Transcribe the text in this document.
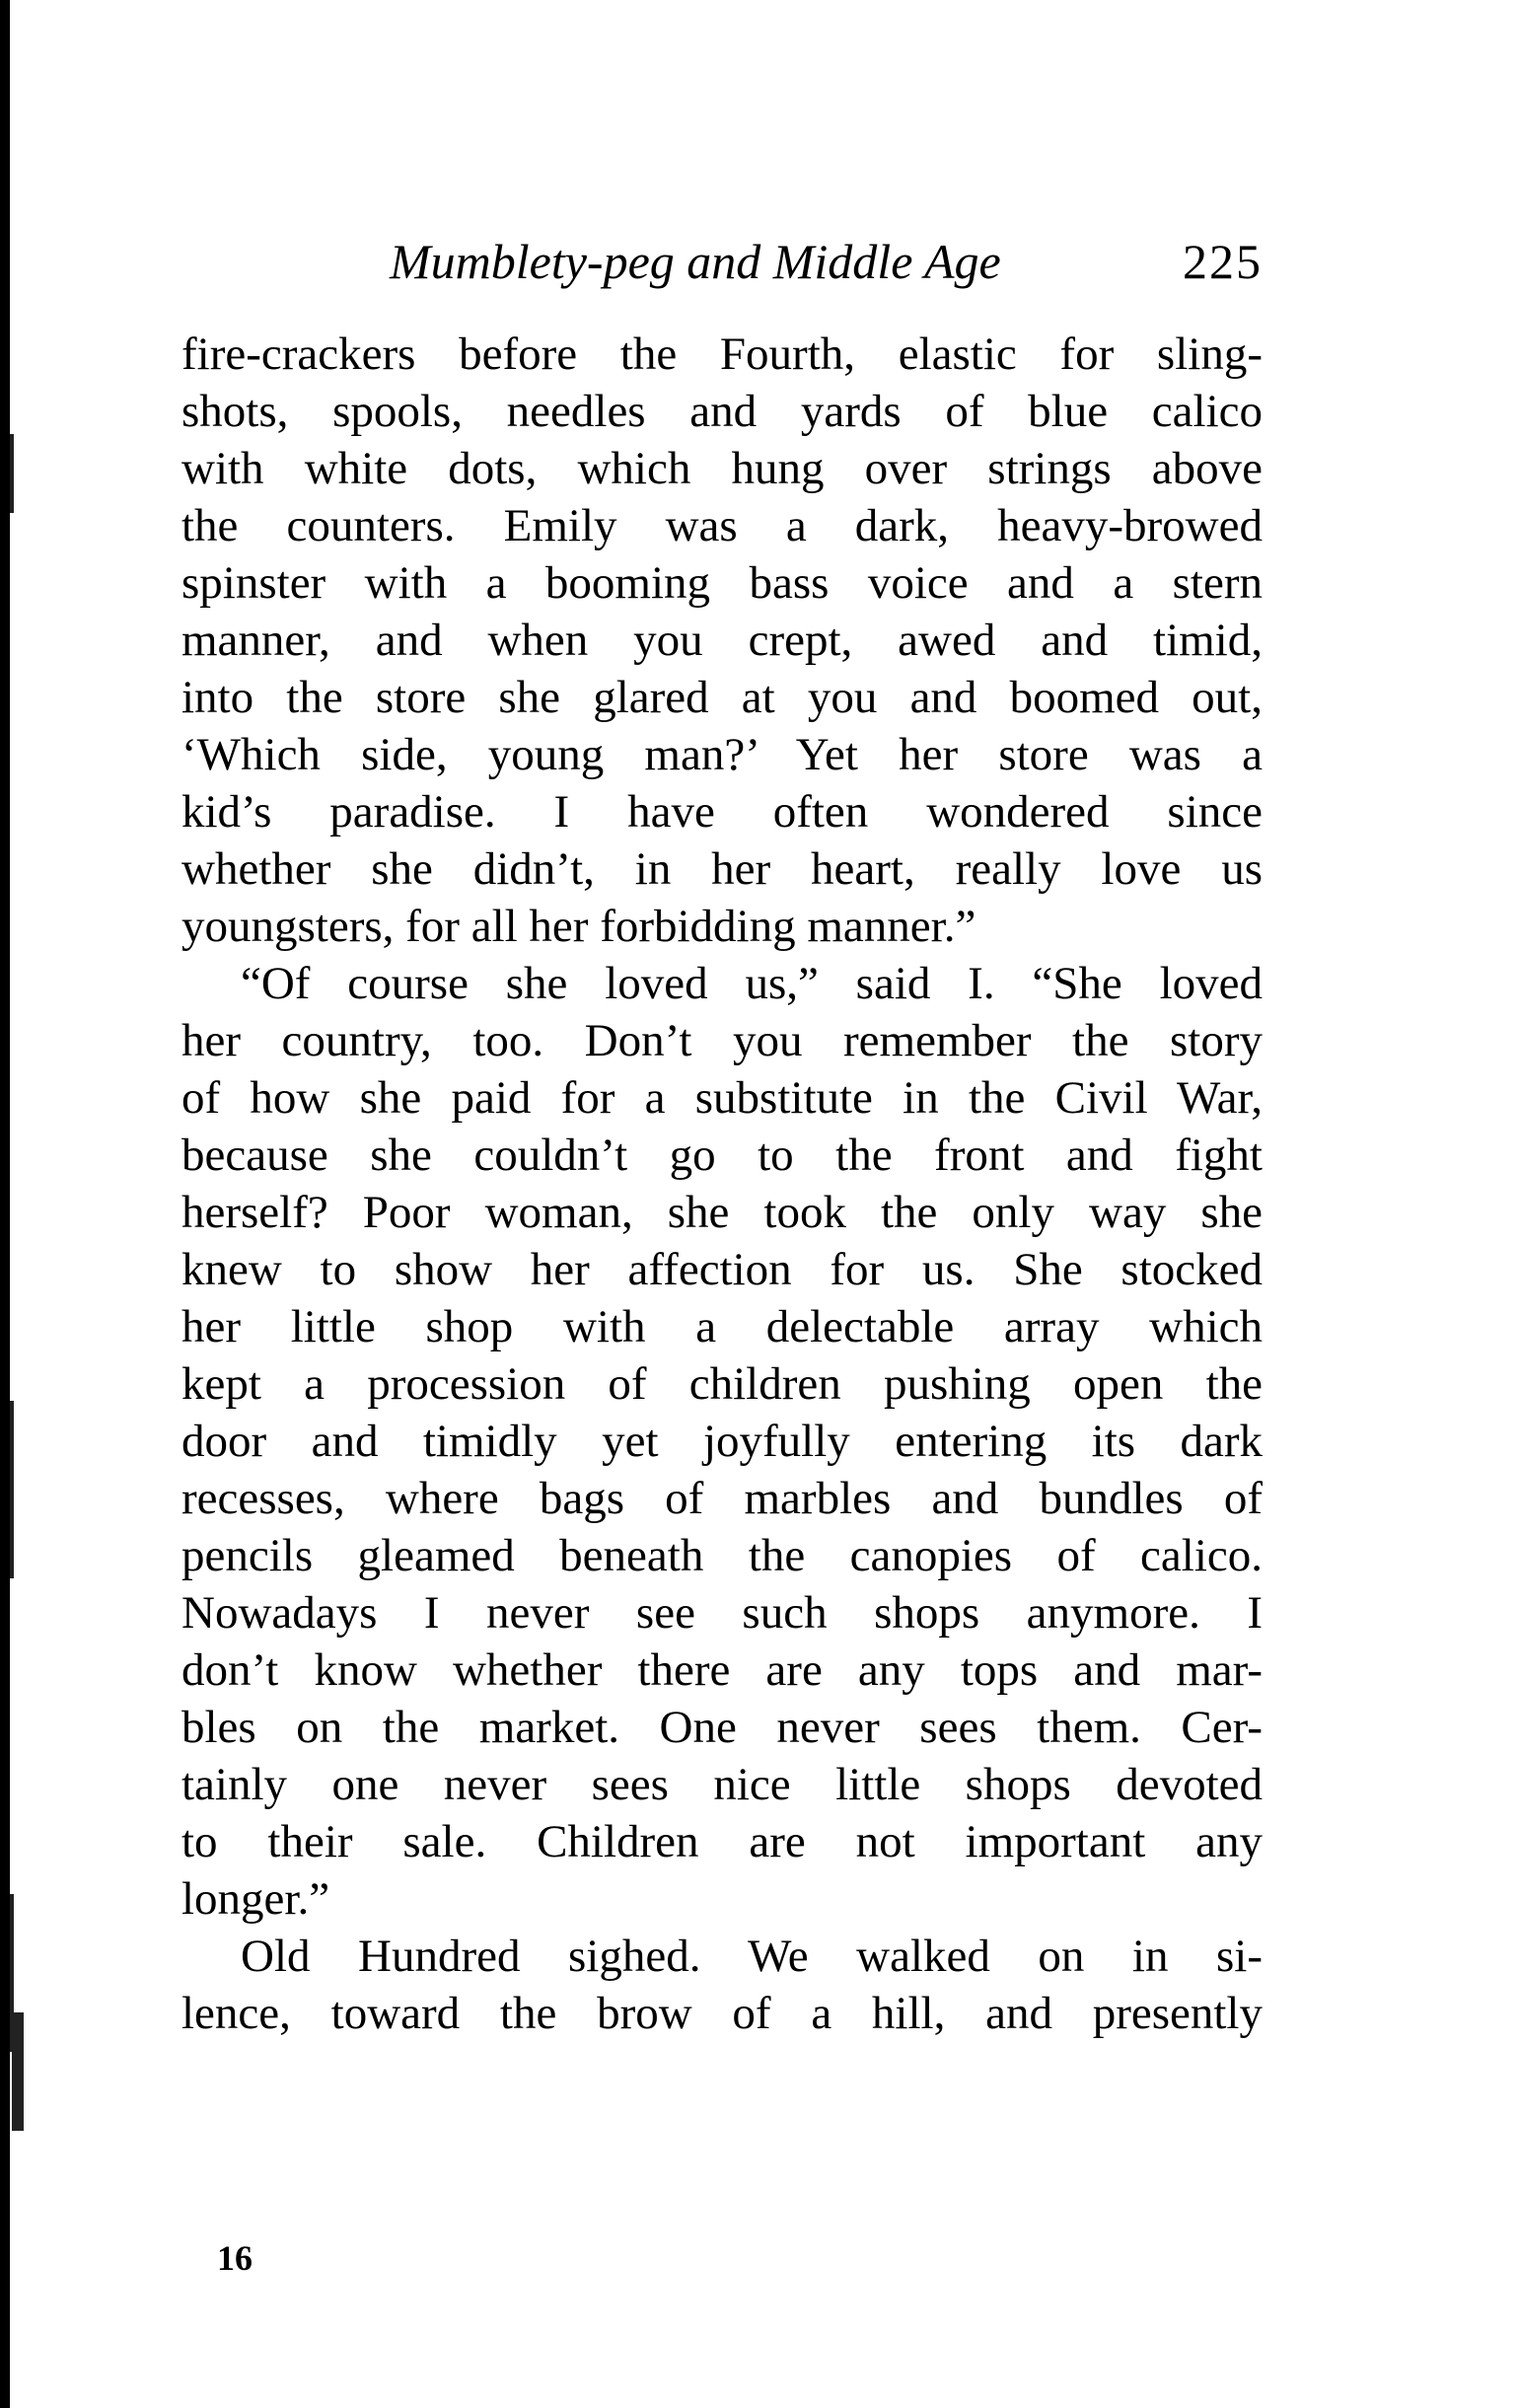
Mumblety-peg and Middle Age	225
fire-crackers before the Fourth, elastic for sling-
shots, spools, needles and yards of blue calico
with white dots, which hung over strings above
the counters. Emily was a dark, heavy-browed
spinster with a booming bass voice and a stern
manner, and when you crept, awed and timid,
into the store she glared at you and boomed out,
‘Which side, young man?’ Yet her store was a
kid’s paradise. I have often wondered since
whether she didn’t, in her heart, really love us
youngsters, for all her forbidding manner.”
“Of course she loved us,” said I. “She loved
her country, too. Don’t you remember the story
of how she paid for a substitute in the Civil War,
because she couldn’t go to the front and fight
herself? Poor woman, she took the only way she
knew to show her affection for us. She stocked
her little shop with a delectable array which
kept a procession of children pushing open the
door and timidly yet joyfully entering its dark
recesses, where bags of marbles and bundles of
pencils gleamed beneath the canopies of calico.
Nowadays I never see such shops anymore. I
don’t know whether there are any tops and mar-
bles on the market. One never sees them. Cer-
tainly one never sees nice little shops devoted
to their sale. Children are not important any
longer.”
Old Hundred sighed. We walked on in si-
lence, toward the brow of a hill, and presently
16
